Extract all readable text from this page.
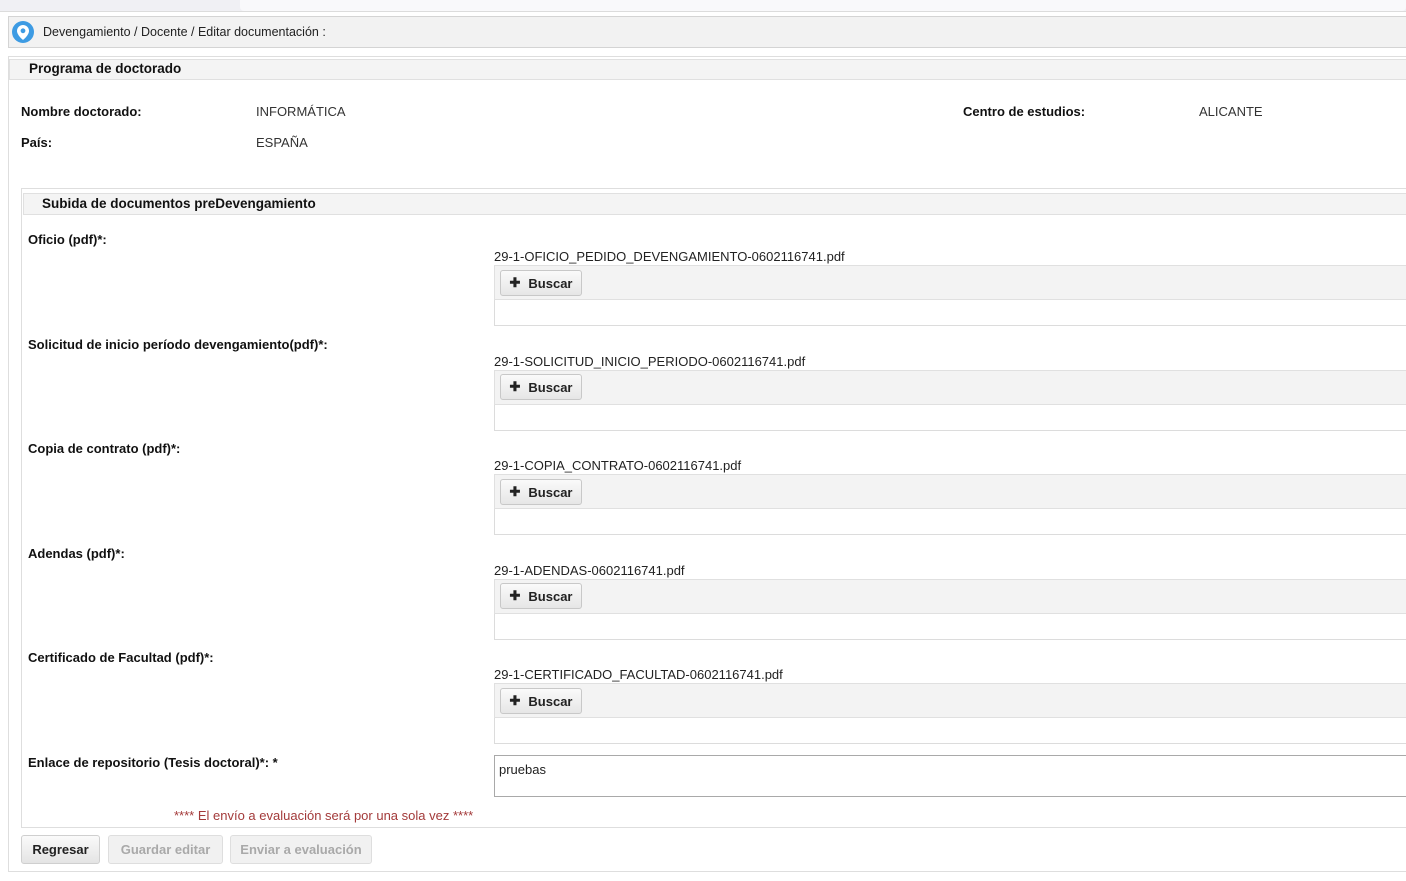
Devengamiento / Docente / Editar documentación :
Programa de doctorado
Nombre doctorado:	INFORMÁTICA	Centro de estudios:	ALICANTE
País:	ESPAÑA
Subida de documentos preDevengamiento
Oficio (pdf)*:
29-1-OFICIO_PEDIDO_DEVENGAMIENTO-0602116741.pdf
✚ Buscar
Solicitud de inicio período devengamiento(pdf)*:
29-1-SOLICITUD_INICIO_PERIODO-0602116741.pdf
✚ Buscar
Copia de contrato (pdf)*:
29-1-COPIA_CONTRATO-0602116741.pdf
✚ Buscar
Adendas (pdf)*:
29-1-ADENDAS-0602116741.pdf
✚ Buscar
Certificado de Facultad (pdf)*:
29-1-CERTIFICADO_FACULTAD-0602116741.pdf
✚ Buscar
Enlace de repositorio (Tesis doctoral)*: *	pruebas
**** El envío a evaluación será por una sola vez ****
Regresar	Guardar editar	Enviar a evaluación
